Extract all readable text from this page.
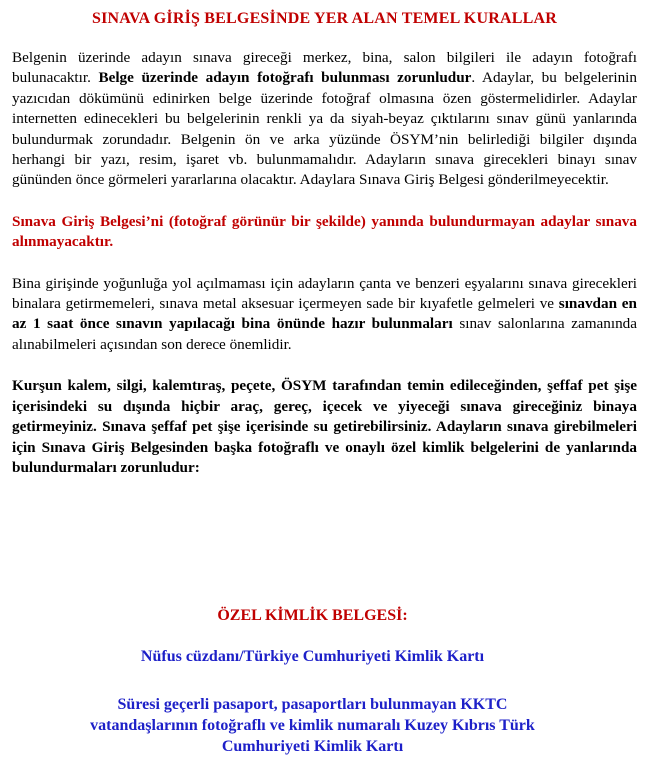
SINAVA GİRİŞ BELGESİNDE YER ALAN TEMEL KURALLAR

Belgenin üzerinde adayın sınava gireceği merkez, bina, salon bilgileri ile adayın fotoğrafı bulunacaktır. Belge üzerinde adayın fotoğrafı bulunması zorunludur. Adaylar, bu belgelerinin yazıcıdan dökümünü edinirken belge üzerinde fotoğraf olmasına özen göstermelidirler. Adaylar internetten edinecekleri bu belgelerinin renkli ya da siyah-beyaz çıktılarını sınav günü yanlarında bulundurmak zorundadır. Belgenin ön ve arka yüzünde ÖSYM’nin belirlediği bilgiler dışında herhangi bir yazı, resim, işaret vb. bulunmamalıdır. Adayların sınava girecekleri binayı sınav gününden önce görmeleri yararlarına olacaktır. Adaylara Sınava Giriş Belgesi gönderilmeyecektir.

Sınava Giriş Belgesi’ni (fotoğraf görünür bir şekilde) yanında bulundurmayan adaylar sınava alınmayacaktır.

Bina girişinde yoğunluğa yol açılmaması için adayların çanta ve benzeri eşyalarını sınava girecekleri binalara getirmemeleri, sınava metal aksesuar içermeyen sade bir kıyafetle gelmeleri ve sınavdan en az 1 saat önce sınavın yapılacağı bina önünde hazır bulunmaları sınav salonlarına zamanında alınabilmeleri açısından son derece önemlidir.

Kurşun kalem, silgi, kalemtıraş, peçete, ÖSYM tarafından temin edileceğinden, şeffaf pet şişe içerisindeki su dışında hiçbir araç, gereç, içecek ve yiyeceği sınava gireceğiniz binaya getirmeyiniz. Sınava şeffaf pet şişe içerisinde su getirebilirsiniz. Adayların sınava girebilmeleri için Sınava Giriş Belgesinden başka fotoğraflı ve onaylı özel kimlik belgelerini de yanlarında bulundurmaları zorunludur:

ÖZEL KİMLİK BELGESİ:
Nüfus cüzdanı/Türkiye Cumhuriyeti Kimlik Kartı
Süresi geçerli pasaport, pasaportları bulunmayan KKTC
vatandaşlarının fotoğraflı ve kimlik numaralı Kuzey Kıbrıs Türk
Cumhuriyeti Kimlik Kartı
